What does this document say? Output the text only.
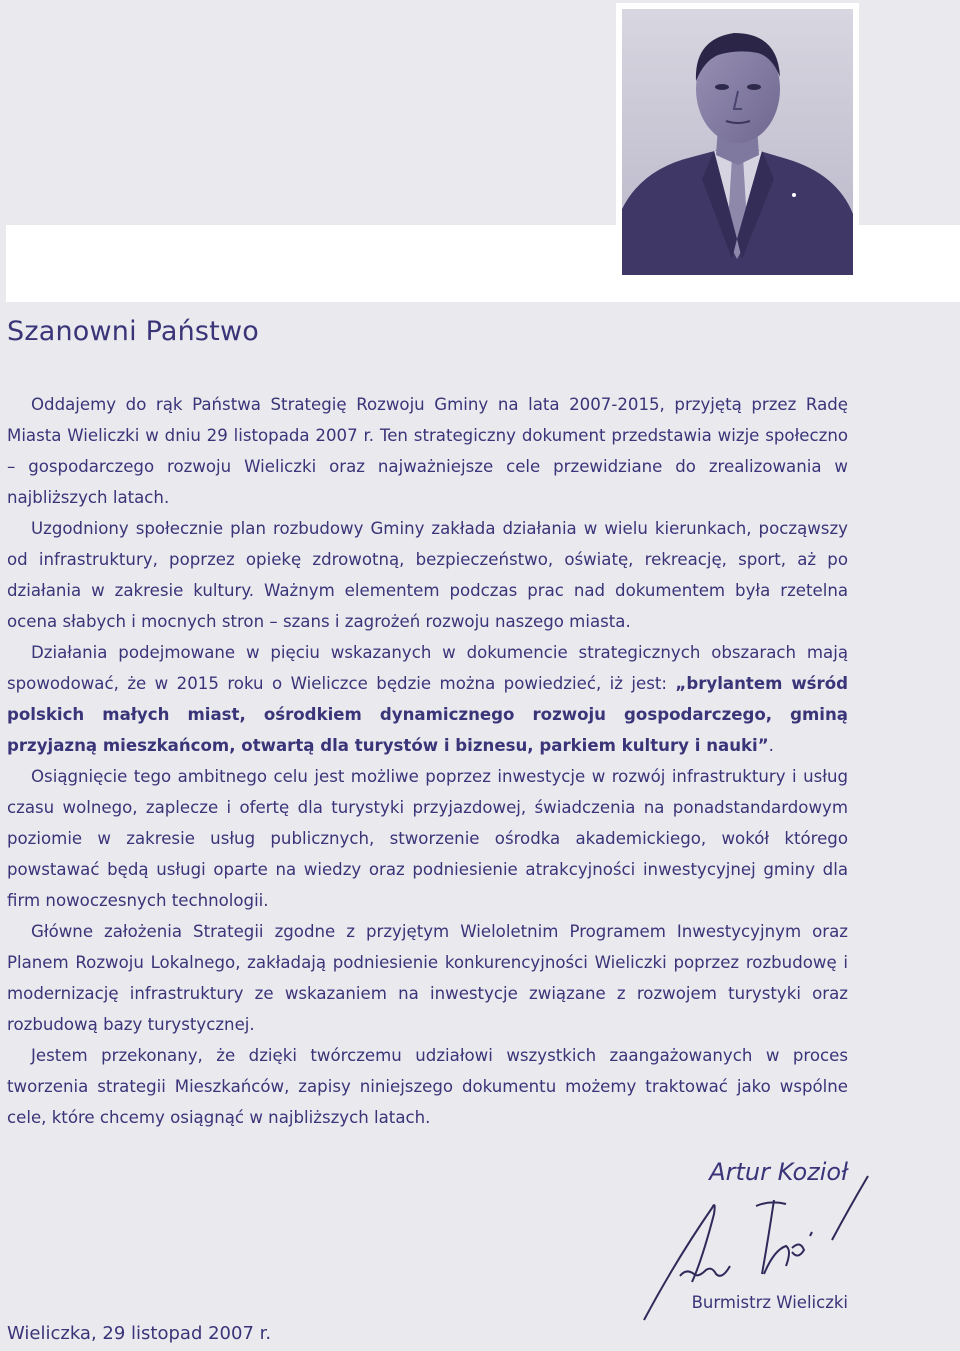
Szanowni Państwo

Oddajemy do rąk Państwa Strategię Rozwoju Gminy na lata 2007-2015, przyjętą przez Radę Miasta Wieliczki w dniu 29 listopada 2007 r. Ten strategiczny dokument przedstawia wizje społeczno – gospodarczego rozwoju Wieliczki oraz najważniejsze cele przewidziane do zrealizowania w najbliższych latach.

Uzgodniony społecznie plan rozbudowy Gminy zakłada działania w wielu kierunkach, począwszy od infrastruktury, poprzez opiekę zdrowotną, bezpieczeństwo, oświatę, rekreację, sport, aż po działania w zakresie kultury. Ważnym elementem podczas prac nad dokumentem była rzetelna ocena słabych i mocnych stron – szans i zagrożeń rozwoju naszego miasta.

Działania podejmowane w pięciu wskazanych w dokumencie strategicznych obszarach mają spowodować, że w 2015 roku o Wieliczce będzie można powiedzieć, iż jest: „brylantem wśród polskich małych miast, ośrodkiem dynamicznego rozwoju gospodarczego, gminą przyjazną mieszkańcom, otwartą dla turystów i biznesu, parkiem kultury i nauki”.

Osiągnięcie tego ambitnego celu jest możliwe poprzez inwestycje w rozwój infrastruktury i usług czasu wolnego, zaplecze i ofertę dla turystyki przyjazdowej, świadczenia na ponadstandardowym poziomie w zakresie usług publicznych, stworzenie ośrodka akademickiego, wokół którego powstawać będą usługi oparte na wiedzy oraz podniesienie atrakcyjności inwestycyjnej gminy dla firm nowoczesnych technologii.

Główne założenia Strategii zgodne z przyjętym Wieloletnim Programem Inwestycyjnym oraz Planem Rozwoju Lokalnego, zakładają podniesienie konkurencyjności Wieliczki poprzez rozbudowę i modernizację infrastruktury ze wskazaniem na inwestycje związane z rozwojem turystyki oraz rozbudową bazy turystycznej.

Jestem przekonany, że dzięki twórczemu udziałowi wszystkich zaangażowanych w proces tworzenia strategii Mieszkańców, zapisy niniejszego dokumentu możemy traktować jako wspólne cele, które chcemy osiągnąć w najbliższych latach.

Artur Kozioł
Burmistrz Wieliczki
Wieliczka, 29 listopad 2007 r.
